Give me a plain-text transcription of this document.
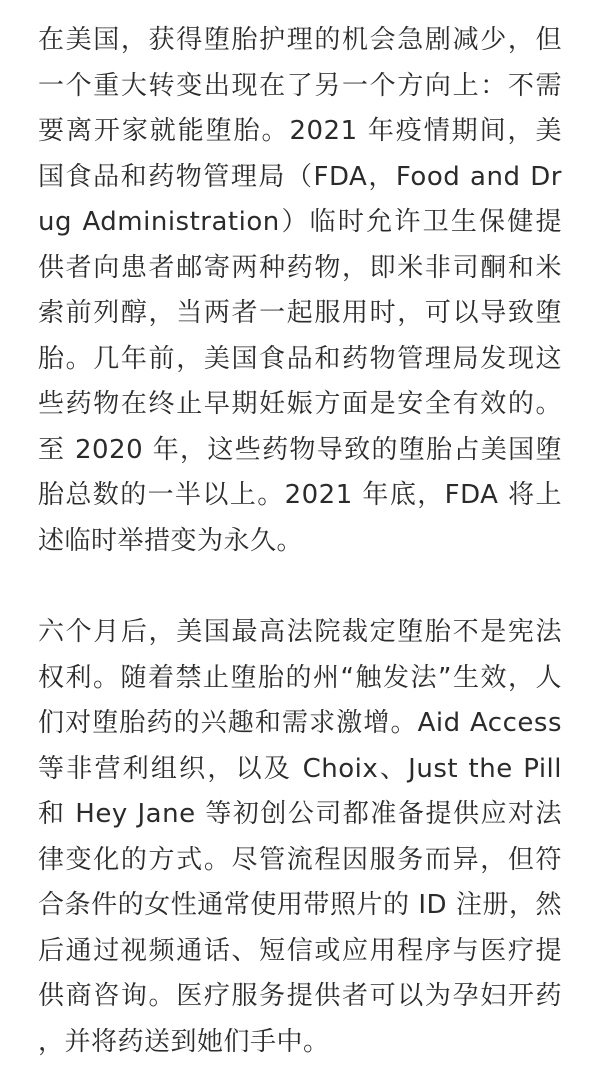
在美国，获得堕胎护理的机会急剧减少，但一个重大转变出现在了另一个方向上：不需要离开家就能堕胎。2021 年疫情期间，美国食品和药物管理局（FDA，Food and Drug Administration）临时允许卫生保健提供者向患者邮寄两种药物，即米非司酮和米索前列醇，当两者一起服用时，可以导致堕胎。几年前，美国食品和药物管理局发现这些药物在终止早期妊娠方面是安全有效的。至 2020 年，这些药物导致的堕胎占美国堕胎总数的一半以上。2021 年底，FDA 将上述临时举措变为永久。

六个月后，美国最高法院裁定堕胎不是宪法权利。随着禁止堕胎的州“触发法”生效，人们对堕胎药的兴趣和需求激增。Aid Access 等非营利组织，以及 Choix、Just the Pill 和 Hey Jane 等初创公司都准备提供应对法律变化的方式。尽管流程因服务而异，但符合条件的女性通常使用带照片的 ID 注册，然后通过视频通话、短信或应用程序与医疗提供商咨询。医疗服务提供者可以为孕妇开药，并将药送到她们手中。
